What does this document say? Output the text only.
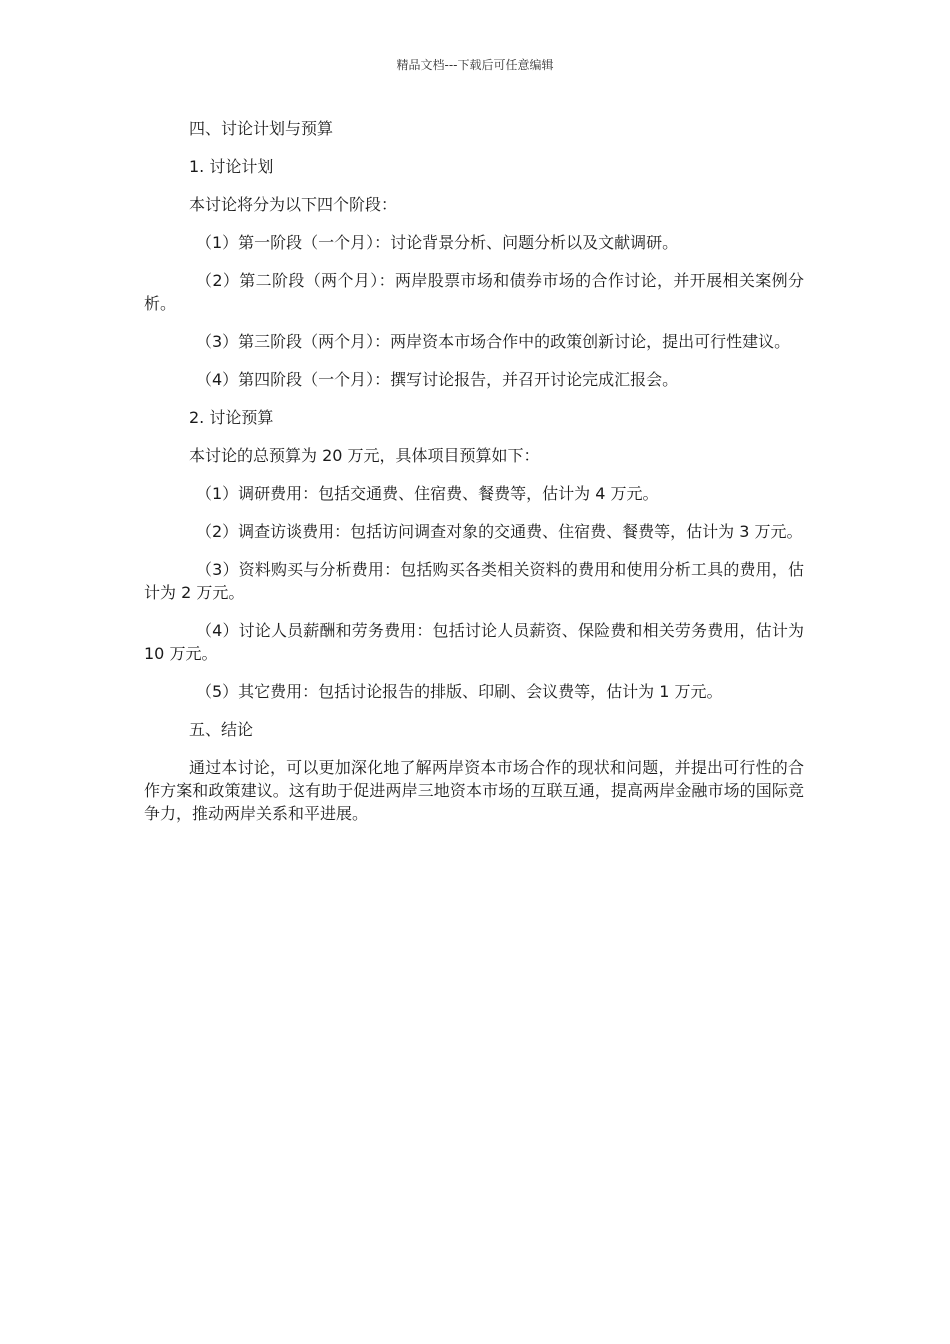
精品文档---下载后可任意编辑

四、讨论计划与预算

1. 讨论计划

本讨论将分为以下四个阶段：

（1）第一阶段（一个月）：讨论背景分析、问题分析以及文献调研。

（2）第二阶段（两个月）：两岸股票市场和债券市场的合作讨论，并开展相关案例分析。

（3）第三阶段（两个月）：两岸资本市场合作中的政策创新讨论，提出可行性建议。

（4）第四阶段（一个月）：撰写讨论报告，并召开讨论完成汇报会。

2. 讨论预算

本讨论的总预算为 20 万元，具体项目预算如下：

（1）调研费用：包括交通费、住宿费、餐费等，估计为 4 万元。

（2）调查访谈费用：包括访问调查对象的交通费、住宿费、餐费等，估计为 3 万元。

（3）资料购买与分析费用：包括购买各类相关资料的费用和使用分析工具的费用，估计为 2 万元。

（4）讨论人员薪酬和劳务费用：包括讨论人员薪资、保险费和相关劳务费用，估计为 10 万元。

（5）其它费用：包括讨论报告的排版、印刷、会议费等，估计为 1 万元。

五、结论

通过本讨论，可以更加深化地了解两岸资本市场合作的现状和问题，并提出可行性的合作方案和政策建议。这有助于促进两岸三地资本市场的互联互通，提高两岸金融市场的国际竞争力，推动两岸关系和平进展。
